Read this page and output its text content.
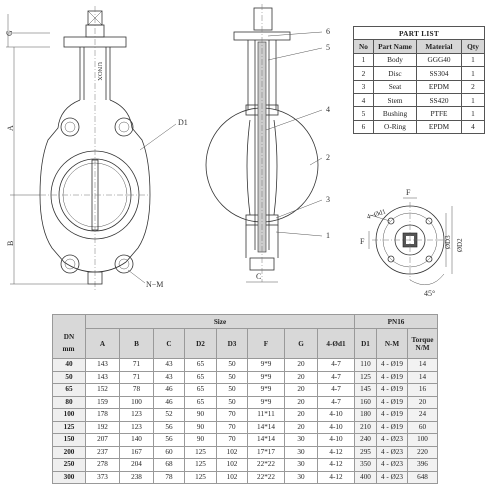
G
A
B
D1
N−M
UNOX
C
6
5
4
2
3
1
F
F
4−Ød1
ØD3 ØD2
45°
PART LIST			
No	Part Name	Material	Qty
1	Body	GGG40	1
2	Disc	SS304	1
3	Seat	EPDM	2
4	Stem	SS420	1
5	Bushing	PTFE	1
6	O-Ring	EPDM	4
DN	Size								PN16		
	A	B	C	D2	D3	F	G	4-Ød1	D1	N-M	Torque N/M
40	143	71	43	65	50	9*9	20	4-7	110	4 - Ø19	14
50	143	71	43	65	50	9*9	20	4-7	125	4 - Ø19	14
65	152	78	46	65	50	9*9	20	4-7	145	4 - Ø19	16
80	159	100	46	65	50	9*9	20	4-7	160	4 - Ø19	20
100	178	123	52	90	70	11*11	20	4-10	180	4 - Ø19	24
125	192	123	56	90	70	14*14	20	4-10	210	4 - Ø19	60
150	207	140	56	90	70	14*14	30	4-10	240	4 - Ø23	100
200	237	167	60	125	102	17*17	30	4-12	295	4 - Ø23	220
250	278	204	68	125	102	22*22	30	4-12	350	4 - Ø23	396
300	373	238	78	125	102	22*22	30	4-12	400	4 - Ø23	648
mm
